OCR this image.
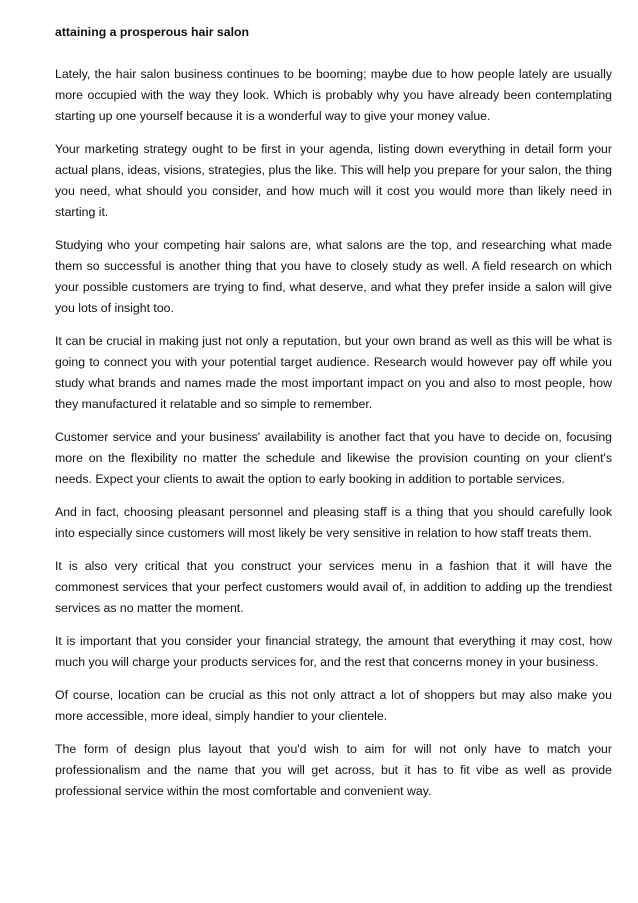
attaining a prosperous hair salon

Lately, the hair salon business continues to be booming; maybe due to how people lately are usually more occupied with the way they look. Which is probably why you have already been contemplating starting up one yourself because it is a wonderful way to give your money value.

Your marketing strategy ought to be first in your agenda, listing down everything in detail form your actual plans, ideas, visions, strategies, plus the like. This will help you prepare for your salon, the thing you need, what should you consider, and how much will it cost you would more than likely need in starting it.

Studying who your competing hair salons are, what salons are the top, and researching what made them so successful is another thing that you have to closely study as well. A field research on which your possible customers are trying to find, what deserve, and what they prefer inside a salon will give you lots of insight too.

It can be crucial in making just not only a reputation, but your own brand as well as this will be what is going to connect you with your potential target audience. Research would however pay off while you study what brands and names made the most important impact on you and also to most people, how they manufactured it relatable and so simple to remember.

Customer service and your business' availability is another fact that you have to decide on, focusing more on the flexibility no matter the schedule and likewise the provision counting on your client's needs. Expect your clients to await the option to early booking in addition to portable services.

And in fact, choosing pleasant personnel and pleasing staff is a thing that you should carefully look into especially since customers will most likely be very sensitive in relation to how staff treats them.

It is also very critical that you construct your services menu in a fashion that it will have the commonest services that your perfect customers would avail of, in addition to adding up the trendiest services as no matter the moment.

It is important that you consider your financial strategy, the amount that everything it may cost, how much you will charge your products services for, and the rest that concerns money in your business.

Of course, location can be crucial as this not only attract a lot of shoppers but may also make you more accessible, more ideal, simply handier to your clientele.

The form of design plus layout that you'd wish to aim for will not only have to match your professionalism and the name that you will get across, but it has to fit vibe as well as provide professional service within the most comfortable and convenient way.
